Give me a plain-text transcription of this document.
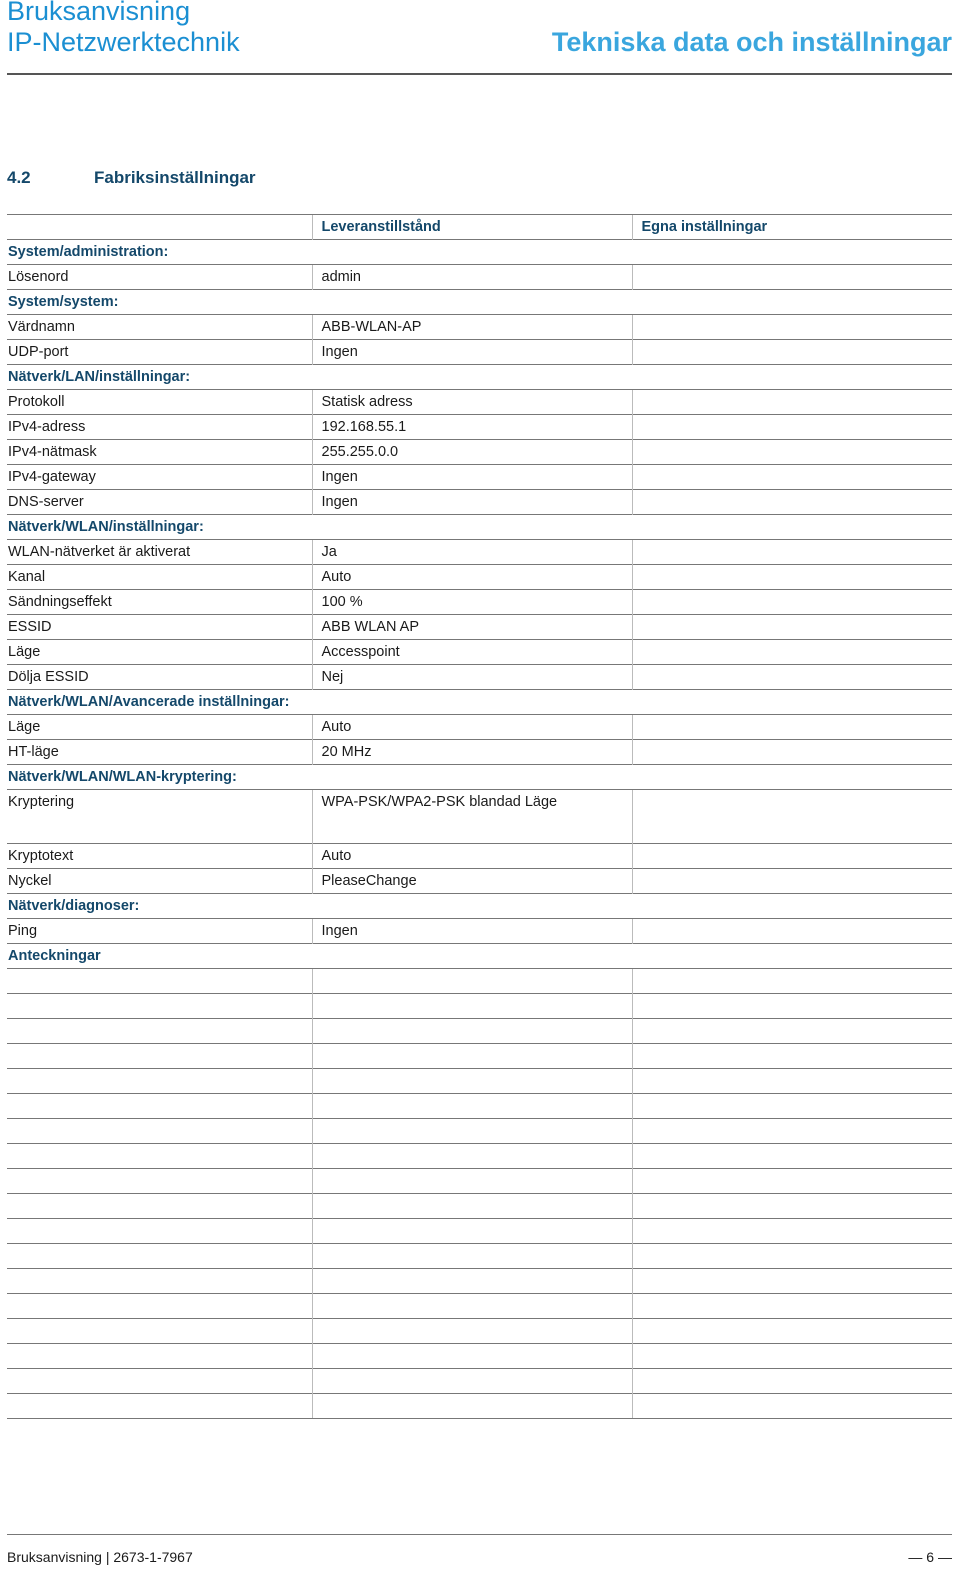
Bruksanvisning
IP-Netzwerktechnik	Tekniska data och inställningar
4.2	Fabriksinställningar
	Leveranstillstånd	Egna inställningar
System/administration:		
Lösenord	admin	
System/system:		
Värdnamn	ABB-WLAN-AP	
UDP-port	Ingen	
Nätverk/LAN/inställningar:		
Protokoll	Statisk adress	
IPv4-adress	192.168.55.1	
IPv4-nätmask	255.255.0.0	
IPv4-gateway	Ingen	
DNS-server	Ingen	
Nätverk/WLAN/inställningar:		
WLAN-nätverket är aktiverat	Ja	
Kanal	Auto	
Sändningseffekt	100 %	
ESSID	ABB WLAN AP	
Läge	Accesspoint	
Dölja ESSID	Nej	
Nätverk/WLAN/Avancerade inställningar:		
Läge	Auto	
HT-läge	20 MHz	
Nätverk/WLAN/WLAN-kryptering:		
Kryptering	WPA-PSK/WPA2-PSK blandad Läge	
Kryptotext	Auto	
Nyckel	PleaseChange	
Nätverk/diagnoser:		
Ping	Ingen	
Anteckningar		

Bruksanvisning | 2673-1-7967	— 6 —
